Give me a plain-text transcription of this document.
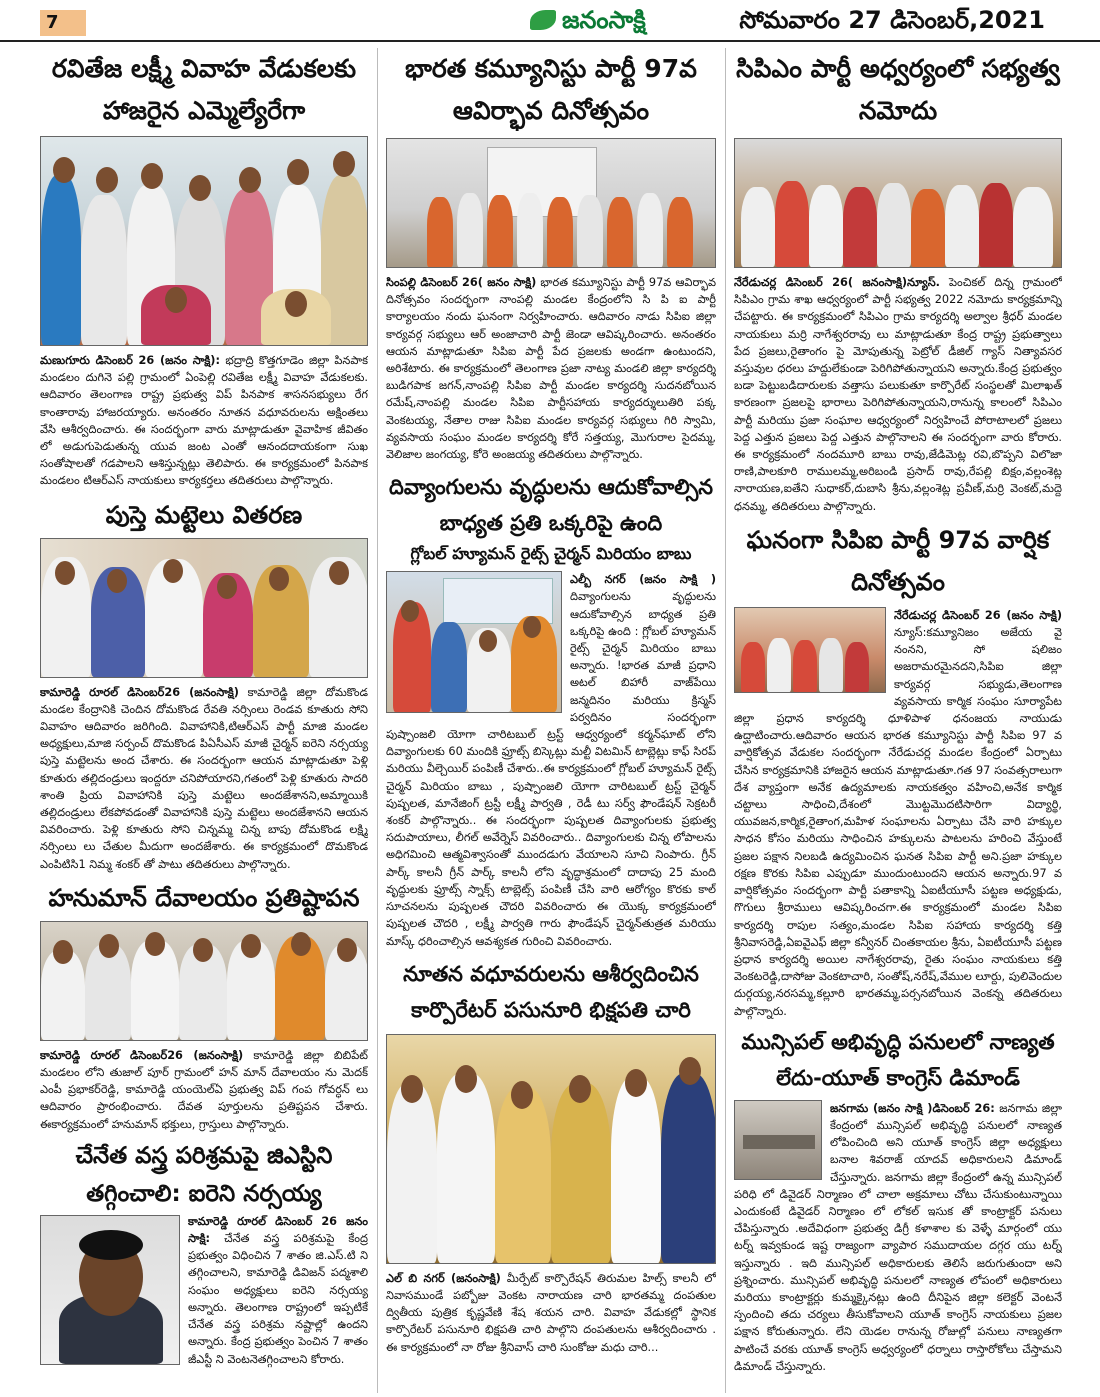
7	జనంసాక్షి	సోమవారం 27 డిసెంబర్,2021
రవితేజ లక్ష్మీ వివాహ వేడుకలకు హాజరైన ఎమ్మెల్యేరేగా

మణుగూరు డిసెంబర్ 26 (జనం సాక్షి): భద్రాద్రి కొత్తగూడెం జిల్లా పినపాక మండలం దుగినె పల్లి గ్రామంలో ఏంపెల్లి రవితేజ లక్ష్మీ వివాహ వేడుకలకు. ఆదివారం తెలంగాణ రాష్ట్ర ప్రభుత్వ విప్ పినపాక శాసనసభ్యులు రేగ కాంతారావు హాజరయ్యారు. అనంతరం నూతన వధూవరులను అక్షింతలు వేసి ఆశీర్వదించారు. ఈ సందర్భంగా వారు మాట్లాడుతూ వైవాహిక జీవితం లో అడుగుపెడుతున్న యువ జంట ఎంతో ఆనందదాయకంగా సుఖ సంతోషాలతో గడపాలని ఆశిస్తున్నట్లు తెలిపారు. ఈ కార్యక్రమంలో పినపాక మండలం టిఆర్ఎస్ నాయకులు కార్యకర్తలు తదితరులు పాల్గొన్నారు.

పుస్తె మట్టెలు వితరణ

కామారెడ్డి రూరల్ డిసెంబర్26 (జనంసాక్షి) కామారెడ్డి జిల్లా దోమకొండ మండల కేంద్రానికి చెందిన దోమకొండ రేవతి నర్సింలు రెండవ కూతురు సోని వివాహం ఆదివారం జరిగింది. వివాహానికి,టిఆర్ఎస్ పార్టీ మాజి మండల అధ్యక్షులు,మాజి సర్పంచ్ దొమకొండ పిఏసీఎస్ మాజీ చైర్మన్ ఐరెని నర్సయ్య పుస్తె మట్టెలను అంద చేశారు. ఈ సందర్బంగా ఆయన మాట్లాడుతూ పెళ్లి కూతురు తల్లిదండ్రులు ఇంద్దరూ చనిపోయారని,గతంలో పెళ్లి కూతురు సాదరి శాంతి ప్రియ వివాహానికి పుస్తె మట్టెలు అందజేశానని,అమ్మాయికి తల్లిదండ్రులు లేకపోవడంతో వివాహానికి పుస్తె మట్టెలు అందజేశానని ఆయన వివరించారు. పెళ్లి కూతురు సోని చిన్నమ్మ చిన్న బాపు దోమకొండ లక్ష్మి నర్సింలు లు చేతుల మీదుగా అందజేశారు. ఈ కార్యక్రమంలో దొమకొండ ఎంపిటిసి1 నిమ్మ శంకర్ తో పాటు తదితరులు పాల్గొన్నారు.

హనుమాన్ దేవాలయం ప్రతిష్టాపన

కామారెడ్డి రూరల్ డిసెంబర్26 (జనంసాక్షి) కామారెడ్డి జిల్లా బిబిపేట్ మండలం లోని తుజాల్ పూర్ గ్రామంలో హన్ మాన్ దేవాలయం ను మెదక్ ఎంపీ ప్రభాకర్‌రెడ్డి, కామారెడ్డి యంయెల్ఏ ప్రభుత్వ విప్ గంప గోవర్ధన్ లు ఆదివారం ప్రారంభించారు. దేవత పూర్తులను ప్రతిష్టపన చేశారు. ఈకార్యక్రమంలో హనుమాన్ భక్తులు, గ్రాస్తులు పాల్గొన్నారు.

చేనేత వస్త్ర పరిశ్రమపై జిఎస్టిని తగ్గించాలి: ఐరెని నర్సయ్య

కామారెడ్డి రూరల్ డిసెంబర్ 26 జనం సాక్షి: చేనేత వస్త్ర పరిశ్రమపై కేంద్ర ప్రభుత్వం విధించిన 7 శాతం జి.ఎస్.టి ని తగ్గించాలని, కామారెడ్డి డివిజన్ పద్మశాలి సంఘం అధ్యక్షులు ఐరెని నర్సయ్య అన్నారు. తెలంగాణ రాష్ట్రంలో ఇప్పటికే చేనేత వస్త్ర పరిశ్రమ నష్టాల్లో ఉందని అన్నారు. కేంద్ర ప్రభుత్వం పెంచిన 7 శాతం జీఎస్టీ ని వెంటనెతగ్గించాలని కోరారు.

భారత కమ్యూనిస్టు పార్టీ 97వ ఆవిర్భావ దినోత్సవం

సింపల్లి డిసెంబర్ 26( జనం సాక్షి) భారత కమ్యూనిస్టు పార్టీ 97వ ఆవిర్భావ దినోత్సవం సందర్భంగా నాంపల్లి మండల కేంద్రంలోని సి పి ఐ పార్టీ కార్యాలయం నందు ఘనంగా నిర్వహించారు. ఆదివారం నాడు సిపిఐ జిల్లా కార్యవర్గ సభ్యులు ఆర్ అంజాచారి పార్టీ జెండా ఆవిష్కరించారు. అనంతరం ఆయన మాట్లాడుతూ సిపిఐ పార్టీ పేద ప్రజలకు అండగా ఉంటుందని, అరిశేటారు. ఈ కార్యక్రమంలో తెలంగాణ ప్రజా నాట్య మండలి జిల్లా కార్యదర్శి బుడిగపాక జగన్,నాంపల్లి సిపిఐ పార్టీ మండల కార్యదర్శి సుదనబోయిన రమేష్,నాంపల్లి మండల సిపిఐ పార్టీసహాయ కార్యదర్శులుతిరి పక్క వెంకటయ్య, నేతాల రాజు సిపిఐ మండల కార్యవర్గ సభ్యులు గిరి స్వామి, వ్యవసాయ సంఘం మండల కార్యదర్శి కోరే సత్తయ్య, మొగురాల సైదమ్మ, వెలిజాల జంగయ్య, కోరె అంజయ్య తదితరులు పాల్గొన్నారు.

దివ్యాంగులను వృద్ధులను ఆదుకోవాల్సిన బాధ్యత ప్రతి ఒక్కరిపై ఉంది
గ్లోబల్ హ్యూమన్ రైట్స్ చైర్మన్ మిరియం బాబు

ఎల్బీ నగర్ (జనం సాక్షి ) దివ్యాంగులను వృద్ధులను ఆదుకోవాల్సిన బాధ్యత ప్రతి ఒక్కరిపై ఉంది : గ్లోబల్ హ్యూమన్ రైట్స్ చైర్మన్ మిరియం బాబు అన్నారు. !భారత మాజీ ప్రధాని అటల్ బిహారీ వాజ్‌పేయి జన్మదినం మరియు క్రిస్మస్ పర్వదినం సందర్భంగా పుష్పాంజలి యోగా చారిటబుల్ ట్రస్ట్ ఆధ్వర్యంలో కర్మన్‌ఘాట్ లోని దివ్యాంగులకు 60 మందికి ఫ్రూట్స్ బిస్కెట్లు మల్టీ విటమిన్ టాబ్లెట్లు కాఫ్ సిరప్ మరియు వీల్చెయిర్ పంపిణీ చేశారు..ఈ కార్యక్రమంలో గ్లోబల్ హ్యూమన్ రైట్స్ చైర్మన్ మిరియం బాబు , పుష్పాంజలి యోగా చారిటబుల్ ట్రస్ట్ చైర్మన్ పుష్పలత, మానేజింగ్ ట్రస్టీ లక్ష్మీ పార్వతి , రెడీ టు సర్వ్ ఫౌండేషన్ సెక్రటరీ శంకర్ పాల్గొన్నారు.. ఈ సందర్భంగా పుష్పలత దివ్యాంగులకు ప్రభుత్వ సదుపాయాలు, లీగల్ అవేర్నెస్ వివరించారు.. దివ్యాంగులకు చిన్న లోపాలను అధిగమించి ఆత్మవిశ్వాసంతో ముందడుగు వేయాలని సూచి నింపారు. గ్రీన్ పార్క్ కాలనీ గ్రీన్ పార్క్ కాలనీ లోని వృద్ధాశ్రమంలో దాదాపు 25 మంది వృద్ధులకు ఫ్రూట్స్ స్నాక్స్ టాబ్లెట్స్ పంపిణీ చేసి వారి ఆరోగ్యం కొరకు కాల్ సూచనలను పుష్పలత చౌదరి వివరించారు ఈ యొక్క కార్యక్రమంలో పుష్పలత చౌదరి , లక్ష్మీ పార్వతి గారు ఫౌండేషన్ చైర్మన్‌తుత్రత మరియు మాస్క్ ధరించాల్సిన ఆవశ్యకత గురించి వివరించారు.

నూతన వధూవరులను ఆశీర్వదించిన కార్పొరేటర్ పసునూరి భిక్షపతి చారి

ఎల్ బి నగర్ (జనంసాక్షి) మీర్పేట్ కార్పొరేషన్ తిరుమల హిల్స్ కాలనీ లో నివాసముండే పబ్బోజు వెంకట నారాయణ చారి భారతమ్మ దంపతుల ద్వితీయ పుత్రిక కృష్ణవేణి శేష శయన చారి. వివాహ వేడుకల్లో స్థానిక కార్పొరేటర్ పసునూరి భిక్షపతి చారి పాల్గొని దంపతులను ఆశీర్వదించారు . ఈ కార్యక్రమంలో నా రోజు శ్రీనివాస్ చారి సుంకోజు మధు చారి...

సిపిఎం పార్టీ అధ్వర్యంలో సభ్యత్వ నమోదు

నేరేడుచర్ల డిసెంబర్ 26( జనంసాక్షి)న్యూస్. పెంచికల్ దిన్న గ్రామంలో సిపిఎం గ్రామ శాఖ ఆధ్వర్యంలో పార్టీ సభ్యత్వ 2022 నమోదు కార్యక్రమాన్ని చేపట్టారు. ఈ కార్యక్రమంలో సిపిఎం గ్రామ కార్యదర్శి అల్వాల శ్రీధర్ మండల నాయకులు మర్రి నాగేశ్వరరావు లు మాట్లాడుతూ కేంద్ర రాష్ట్ర ప్రభుత్వాలు పేద ప్రజలు,రైతాంగం పై మోపుతున్న పెట్రోల్ డీజిల్ గ్యాస్ నిత్యావసర వస్తువుల ధరలు హద్దులేకుండా పెరిగిపోతున్నాయని అన్నారు.కేంద్ర ప్రభుత్వం బడా పెట్టుబడిదారులకు వత్తాసు పలుకుతూ కార్పొరేట్ సంస్థలతో మిలాఖత్ కారణంగా ప్రజలపై భారాలు పెరిగిపోతున్నాయని,రానున్న కాలంలో సిపిఎం పార్టీ మరియు ప్రజా సంఘాల ఆధ్వర్యంలో నిర్వహించే పోరాటాలలో ప్రజలు పెద్ద ఎత్తున ప్రజలు పెద్ద ఎత్తున పాల్గొనాలని ఈ సందర్భంగా వారు కోరారు. ఈ కార్యక్రమంలో నందమూరి బాబు రావు,జేడిమెట్ల రవి,బొప్పని విలొజా రాణి,పాలకూరి రాములమ్మ,అరిబండి ప్రసాద్ రావు,రేపల్లి బిక్షం,వల్లంశెట్ల నారాయణ,ఐతేని సుధాకర్,దుబాసి శ్రీను,వల్లంశెట్ల ప్రవీణ్,మర్రి వెంకట్,మద్దె ధనమ్మ, తదితరులు పాల్గొన్నారు.

ఘనంగా సిపిఐ పార్టీ 97వ వార్షిక దినోత్సవం

నేరేడుచర్ల డిసెంబర్ 26 (జనం సాక్షి) న్యూస్:కమ్యూనిజం అజేయ వై నంనని, సో షలిజం అజరామరమైనదని,సిపిఐ జిల్లా కార్యవర్గ సభ్యుడు,తెలంగాణ వ్యవసాయ కార్మిక సంఘం సూర్యాపేట జిల్లా ప్రధాన కార్యదర్శి ధూళిపాళ ధనంజయ నాయుడు ఉద్ఘాటించారు.ఆదివారం ఆయన భారత కమ్యూనిస్టు పార్టీ సిపిఐ 97 వ వార్షికోత్సవ వేడుకల సందర్భంగా నేరేడుచర్ల మండల కేంద్రంలో ఏర్పాటు చేసిన కార్యక్రమానికి హాజరైన ఆయన మాట్లాడుతూ.గత 97 సంవత్సరాలుగా దేశ వ్యాప్తంగా అనేక ఉద్యమాలకు నాయకత్వం వహించి,అనేక కార్మిక చట్టాలు సాధించి,దేశంలో మొట్టమొదటిసారిగా విద్యార్థి, యువజన,కార్మిక,రైతాంగ,మహిళ సంఘాలను ఏర్పాటు చేసి వారి హక్కుల సాధన కోసం మరియు సాధించిన హక్కులను పాటలను హరించి వేస్తుంటే ప్రజల పక్షాన నిలబడి ఉద్యమించిన ఘనత సిపిఐ పార్టీ అని.ప్రజా హక్కుల రక్షణ కొరకు సిపిఐ ఎప్పుడూ ముందుంటుందని ఆయన అన్నారు.97 వ వార్షికోత్సవం సందర్భంగా పార్టీ పతాకాన్ని ఏఐటీయూసీ పట్టణ అధ్యక్షుడు, గొగులు శ్రీరాములు ఆవిష్కరించగా.ఈ కార్యక్రమంలో మండల సిపిఐ కార్యదర్శి రాపుల సత్యం,మండల సిపిఐ సహాయ కార్యదర్శి కత్తి శ్రీనివాసరెడ్డి,ఏఐవైఎఫ్ జిల్లా కన్వీనర్ చింతకాయల శ్రీను, ఏఐటీయూసీ పట్టణ ప్రధాన కార్యదర్శి అయిల నాగేశ్వరరావు, రైతు సంఘం నాయకులు కత్తి వెంకటరెడ్డి,దాసోజు వెంకటాచారి, సంతోష్,నరేష్,వేముల లూర్దు, పులివెందుల దుర్గయ్య,నరసమ్మ,కల్లూరి భారతమ్మ,పర్సనబోయిన వెంకన్న తదితరులు పాల్గొన్నారు.

మున్సిపల్ అభివృద్ధి పనులలో నాణ్యత లేదు-యూత్ కాంగ్రెస్ డిమాండ్

జనగామ (జనం సాక్షి )డిసెంబర్ 26: జనగామ జిల్లా కేంద్రంలో మున్సిపల్ అభివృద్ధి పనులలో నాణ్యత లోపించింది అని యూత్ కాంగ్రెస్ జిల్లా అధ్యక్షులు బనాల శివరాజ్ యాదవ్ అధికారులని డిమాండ్ చేస్తున్నారు. జనగామ జిల్లా కేంద్రంలో ఉన్న మున్సిపల్ పరిధి లో డివైడర్ నిర్మాణం లో చాలా అక్రమాలు చోటు చేసుకుంటున్నాయి ఎందుకంటే డివైడర్ నిర్మాణం లో లోకల్ ఇసుక తో కాంట్రాక్టర్ పనులు చేపిస్తున్నారు .అదేవిధంగా ప్రభుత్వ డిగ్రీ కళాశాల కు వెళ్ళే మార్గంలో యు టర్న్ ఇవ్వకుండ ఇష్ట రాజ్యంగా వ్యాపార సముదాయల దగ్గర యు టర్న్ ఇస్తున్నారు . ఇది మున్సిపల్ అధికారులకు తెలిసే జరుగుతుందా అని ప్రశ్నించారు. మున్సిపల్ అభివృద్ధి పనులలో నాణ్యత లోపంలో అధికారులు మరియు కాంట్రాక్టర్లు కుమ్మక్కైనట్లు ఉంది దీనిపైన జిల్లా కలెక్టర్ వెంటనే స్పందించి తదు చర్యలు తీసుకోవాలని యూత్ కాంగ్రెస్ నాయకులు ప్రజల పక్షాన కోరుతున్నారు. లేని యెడల రానున్న రోజుల్లో పనులు నాణ్యతగా పాటించే వరకు యూత్ కాంగ్రెస్ అధ్వర్యంలో ధర్నాలు రాస్తారోకోలు చేస్తామని డిమాండ్ చేస్తున్నారు.
